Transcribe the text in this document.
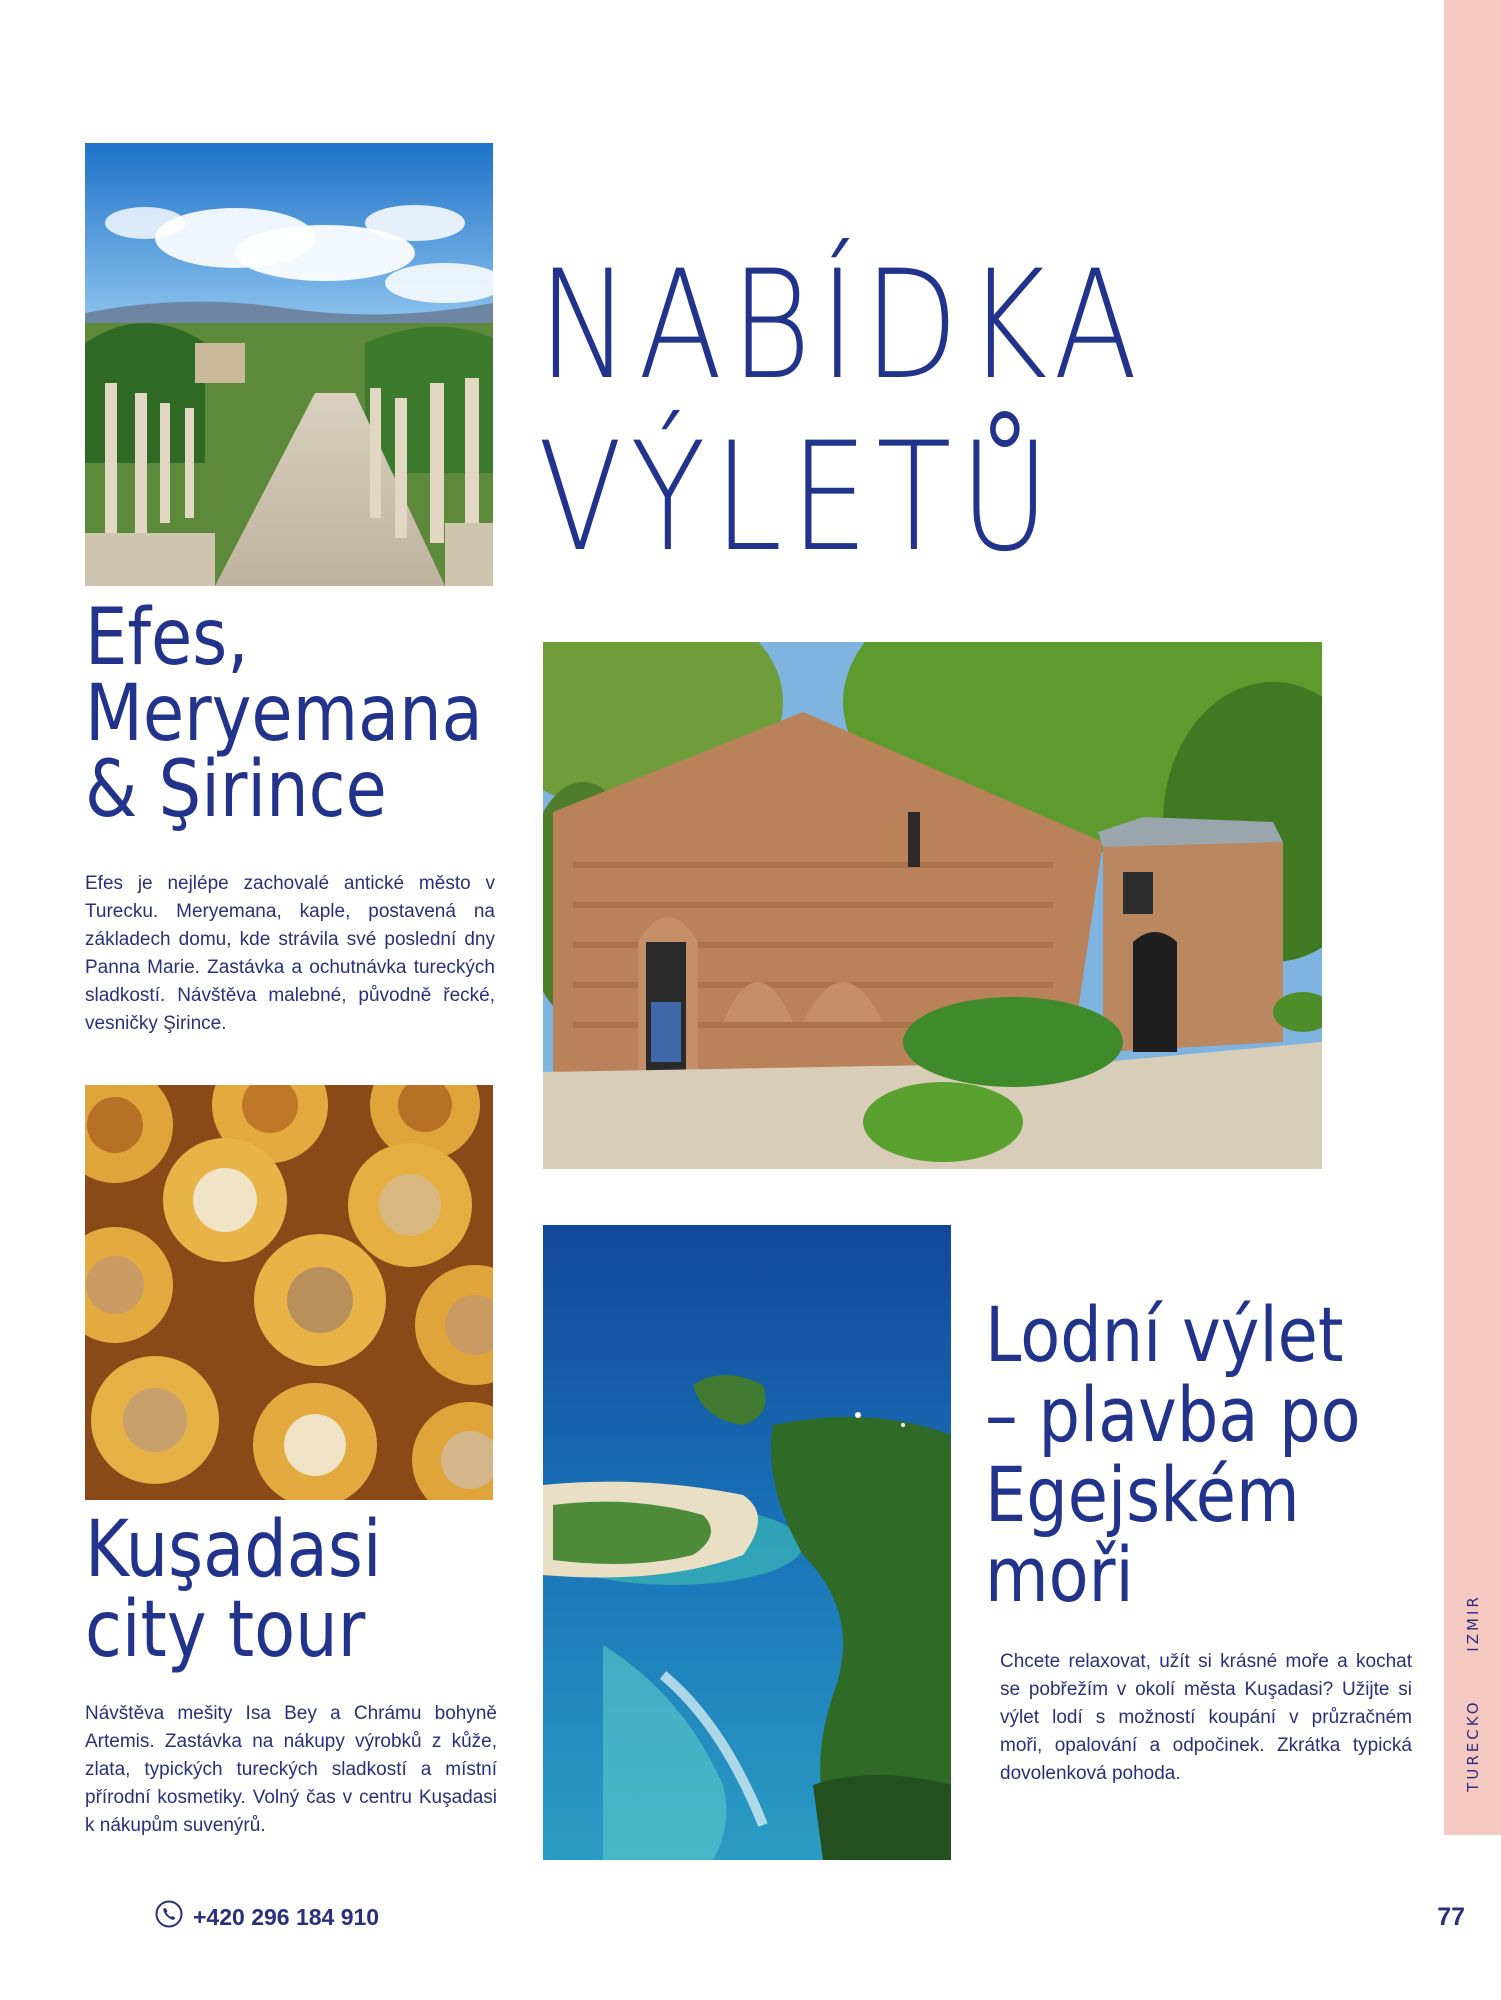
TURECKO IZMIR
NABÍDKA
VÝLETŮ
Efes,
Meryemana
& Şirince
Efes je nejlépe zachovalé antické město v Turecku. Meryemana, kaple, postavená na základech domu, kde strávila své poslední dny Panna Marie. Zastávka a ochutnávka tureckých sladkostí. Návštěva malebné, původně řecké, vesničky Şirince.
Kuşadasi
city tour
Návštěva mešity Isa Bey a Chrámu bohyně Artemis. Zastávka na nákupy výrobků z kůže, zlata, typických tureckých sladkostí a místní přírodní kosmetiky. Volný čas v centru Kuşadasi k nákupům suvenýrů.
Lodní výlet
– plavba po
Egejském
moři
Chcete relaxovat, užít si krásné moře a kochat se pobřežím v okolí města Kuşadasi? Užijte si výlet lodí s možností koupání v průzračném moři, opalování a odpočinek. Zkrátka typická dovolenková pohoda.
+420 296 184 910	77
